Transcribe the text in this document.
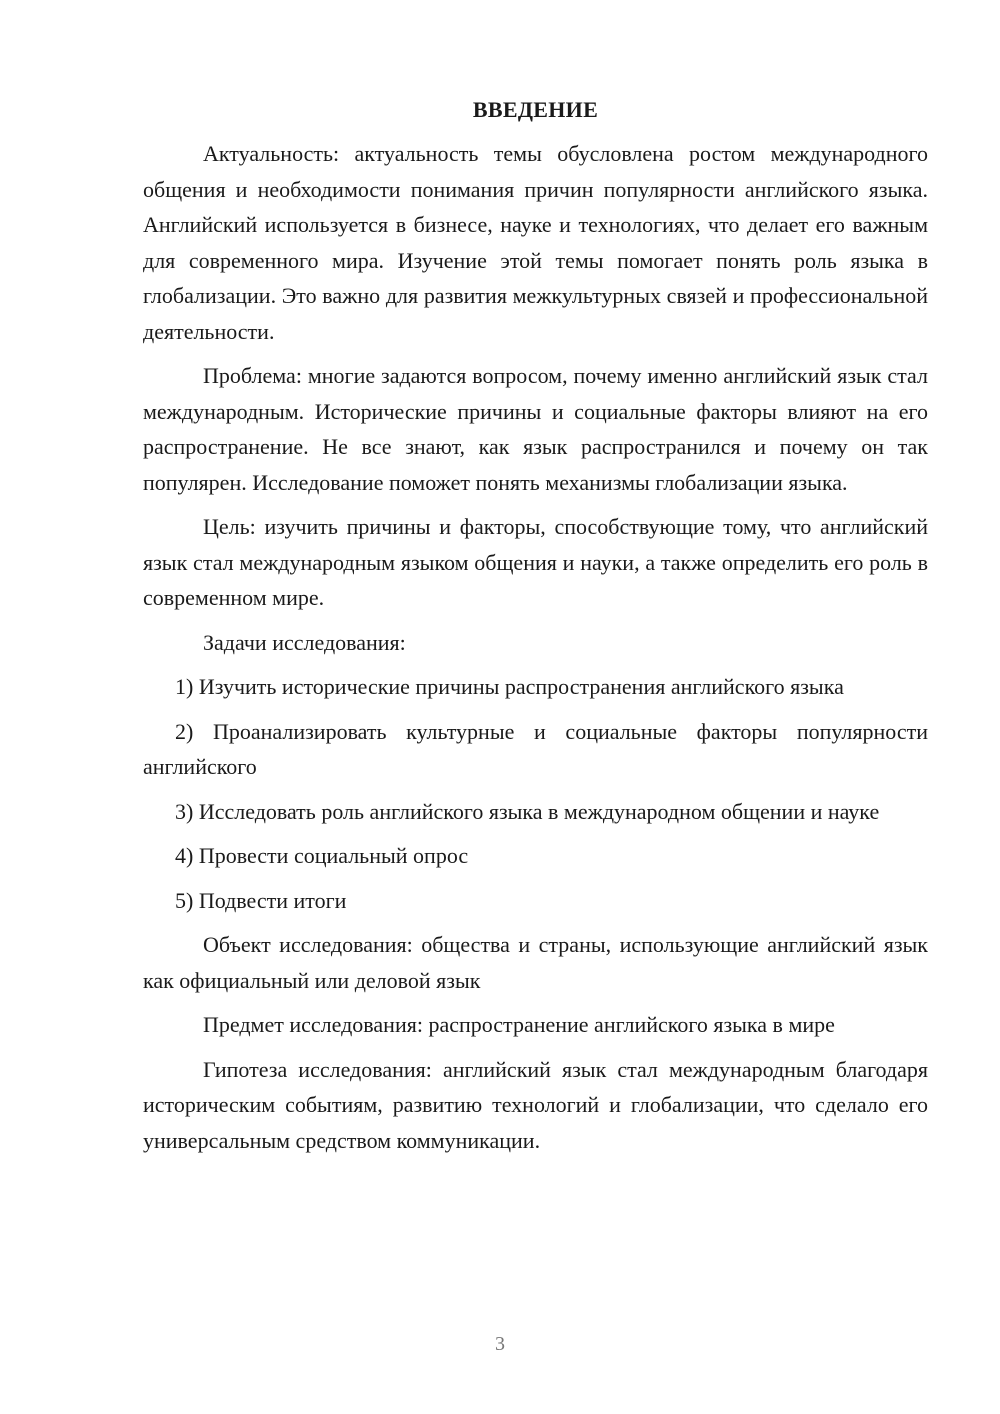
ВВЕДЕНИЕ

Актуальность: актуальность темы обусловлена ростом международного общения и необходимости понимания причин популярности английского языка. Английский используется в бизнесе, науке и технологиях, что делает его важным для современного мира. Изучение этой темы помогает понять роль языка в глобализации. Это важно для развития межкультурных связей и профессиональной деятельности.

Проблема: многие задаются вопросом, почему именно английский язык стал международным. Исторические причины и социальные факторы влияют на его распространение. Не все знают, как язык распространился и почему он так популярен. Исследование поможет понять механизмы глобализации языка.

Цель: изучить причины и факторы, способствующие тому, что английский язык стал международным языком общения и науки, а также определить его роль в современном мире.

Задачи исследования:

1) Изучить исторические причины распространения английского языка

2) Проанализировать культурные и социальные факторы популярности английского

3) Исследовать роль английского языка в международном общении и науке

4) Провести социальный опрос

5) Подвести итоги

Объект исследования: общества и страны, использующие английский язык как официальный или деловой язык

Предмет исследования: распространение английского языка в мире

Гипотеза исследования: английский язык стал международным благодаря историческим событиям, развитию технологий и глобализации, что сделало его универсальным средством коммуникации.

3
